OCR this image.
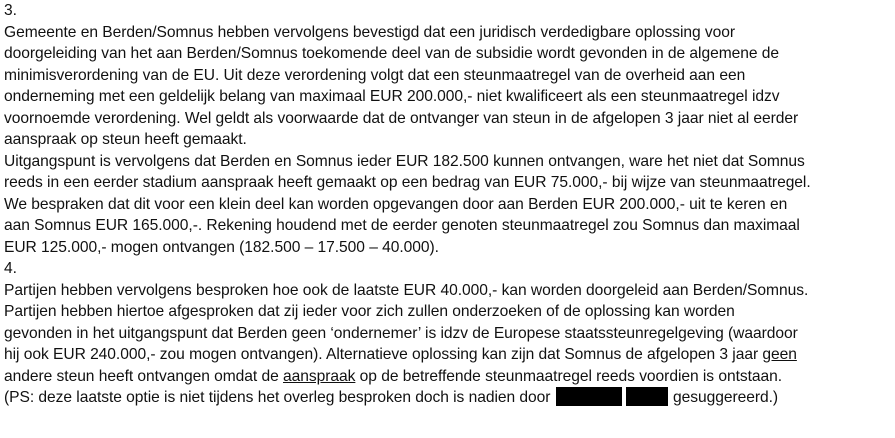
3.
Gemeente en Berden/Somnus hebben vervolgens bevestigd dat een juridisch verdedigbare oplossing voor
doorgeleiding van het aan Berden/Somnus toekomende deel van de subsidie wordt gevonden in de algemene de
minimisverordening van de EU. Uit deze verordening volgt dat een steunmaatregel van de overheid aan een
onderneming met een geldelijk belang van maximaal EUR 200.000,- niet kwalificeert als een steunmaatregel idzv
voornoemde verordening. Wel geldt als voorwaarde dat de ontvanger van steun in de afgelopen 3 jaar niet al eerder
aanspraak op steun heeft gemaakt.
Uitgangspunt is vervolgens dat Berden en Somnus ieder EUR 182.500 kunnen ontvangen, ware het niet dat Somnus
reeds in een eerder stadium aanspraak heeft gemaakt op een bedrag van EUR 75.000,- bij wijze van steunmaatregel.
We bespraken dat dit voor een klein deel kan worden opgevangen door aan Berden EUR 200.000,- uit te keren en
aan Somnus EUR 165.000,-. Rekening houdend met de eerder genoten steunmaatregel zou Somnus dan maximaal
EUR 125.000,- mogen ontvangen (182.500 – 17.500 – 40.000).
4.
Partijen hebben vervolgens besproken hoe ook de laatste EUR 40.000,- kan worden doorgeleid aan Berden/Somnus.
Partijen hebben hiertoe afgesproken dat zij ieder voor zich zullen onderzoeken of de oplossing kan worden
gevonden in het uitgangspunt dat Berden geen ‘ondernemer’ is idzv de Europese staatssteunregelgeving (waardoor
hij ook EUR 240.000,- zou mogen ontvangen). Alternatieve oplossing kan zijn dat Somnus de afgelopen 3 jaar geen
andere steun heeft ontvangen omdat de aanspraak op de betreffende steunmaatregel reeds voordien is ontstaan.
(PS: deze laatste optie is niet tijdens het overleg besproken doch is nadien door	gesuggereerd.)
